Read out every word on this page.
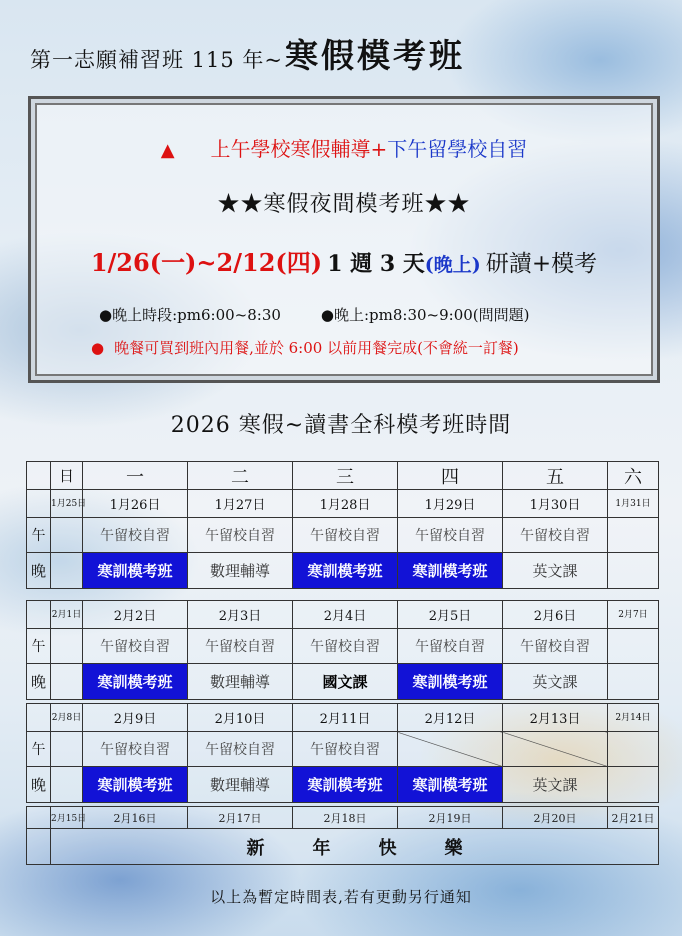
第一志願補習班 115 年~ 寒假模考班
▲ 上午學校寒假輔導+下午留學校自習
★★寒假夜間模考班★★
1/26(一)~2/12(四) 1 週 3 天(晚上) 研讀+模考
●晚上時段:pm6:00~8:30	●晚上:pm8:30~9:00(問問題)
● 晚餐可買到班內用餐,並於 6:00 以前用餐完成(不會統一訂餐)
2026 寒假~讀書全科模考班時間
	日	一	二	三	四	五	六
	1月25日	1月26日	1月27日	1月28日	1月29日	1月30日	1月31日
午		午留校自習	午留校自習	午留校自習	午留校自習	午留校自習	
晚		寒訓模考班	數理輔導	寒訓模考班	寒訓模考班	英文課	
	2月1日	2月2日	2月3日	2月4日	2月5日	2月6日	2月7日
午		午留校自習	午留校自習	午留校自習	午留校自習	午留校自習	
晚		寒訓模考班	數理輔導	國文課	寒訓模考班	英文課	
	2月8日	2月9日	2月10日	2月11日	2月12日	2月13日	2月14日
午		午留校自習	午留校自習	午留校自習			
晚		寒訓模考班	數理輔導	寒訓模考班	寒訓模考班	英文課	
	2月15日	2月16日	2月17日	2月18日	2月19日	2月20日	2月21日
	新 年 快 樂						
以上為暫定時間表,若有更動另行通知
